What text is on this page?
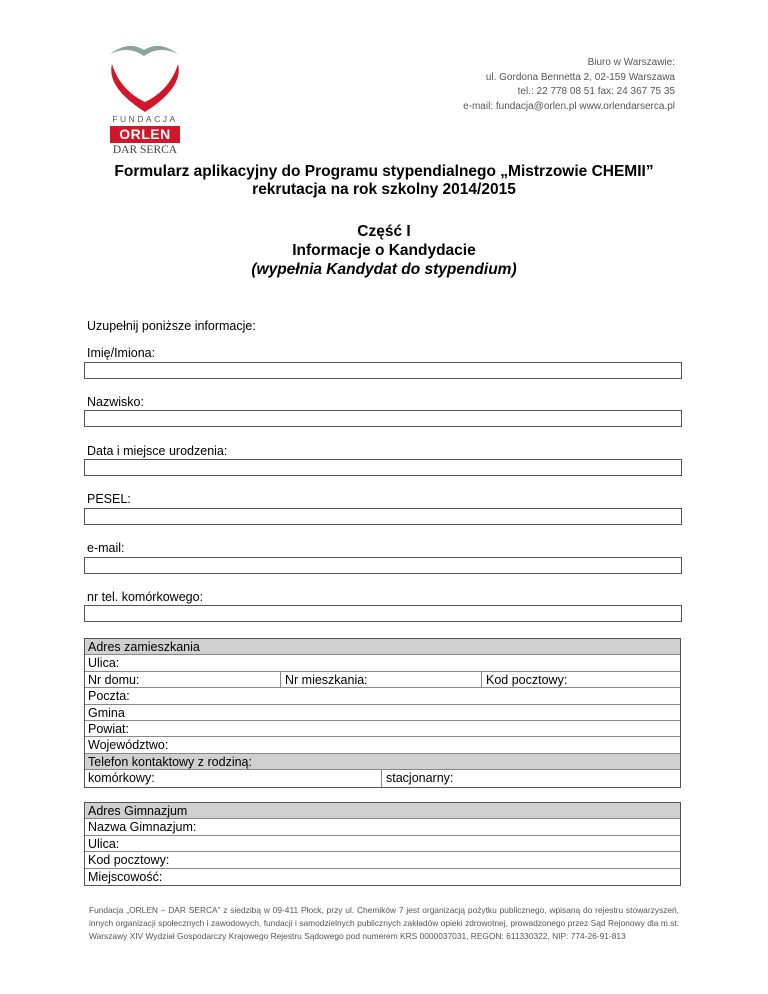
FUNDACJA
ORLEN
DAR SERCA
Biuro w Warszawie:
ul. Gordona Bennetta 2, 02-159 Warszawa
tel.: 22 778 08 51 fax: 24 367 75 35
e-mail: fundacja@orlen.pl www.orlendarserca.pl
Formularz aplikacyjny do Programu stypendialnego „Mistrzowie CHEMII”
rekrutacja na rok szkolny 2014/2015
Część I
Informacje o Kandydacie
(wypełnia Kandydat do stypendium)
Uzupełnij poniższe informacje:
Imię/Imiona:
Nazwisko:
Data i miejsce urodzenia:
PESEL:
e-mail:
nr tel. komórkowego:
Adres zamieszkania
Ulica:
Nr domu:	Nr mieszkania:	Kod pocztowy:
Poczta:
Gmina
Powiat:
Województwo:
Telefon kontaktowy z rodziną:
komórkowy:	stacjonarny:
Adres Gimnazjum
Nazwa Gimnazjum:
Ulica:
Kod pocztowy:
Miejscowość:
Fundacja „ORLEN – DAR SERCA” z siedzibą w 09-411 Płock, przy ul. Chemików 7 jest organizacją pożytku publicznego, wpisaną do rejestru stowarzyszeń, innych organizacji społecznych i zawodowych, fundacji i samodzielnych publicznych zakładów opieki zdrowotnej, prowadzonego przez Sąd Rejonowy dla m.st. Warszawy XIV Wydział Gospodarczy Krajowego Rejestru Sądowego pod numerem KRS 0000037031, REGON: 611330322, NIP: 774-26-91-813
